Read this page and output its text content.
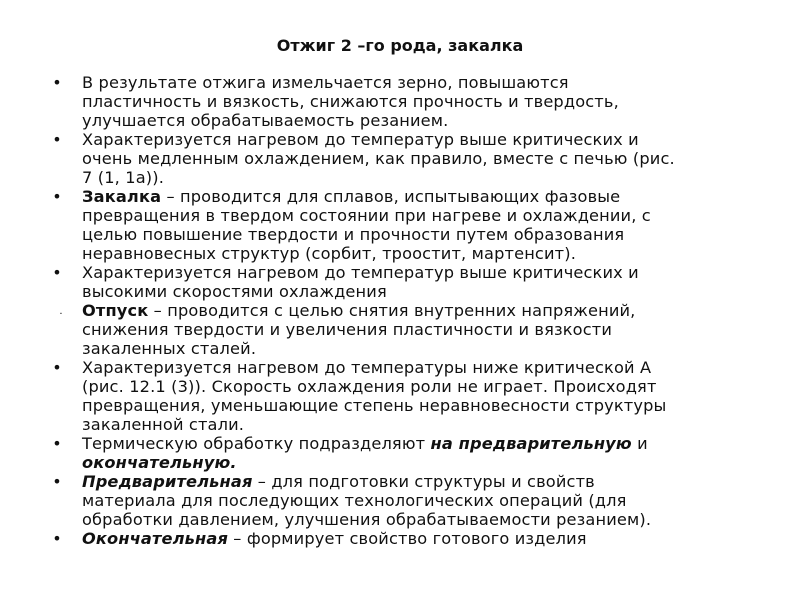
Отжиг 2 –го рода, закалка
• В результате отжига измельчается зерно, повышаются
пластичность и вязкость, снижаются прочность и твердость,
улучшается обрабатываемость резанием.
• Характеризуется нагревом до температур выше критических и
очень медленным охлаждением, как правило, вместе с печью (рис.
7 (1, 1а)).
• Закалка – проводится для сплавов, испытывающих фазовые
превращения в твердом состоянии при нагреве и охлаждении, с
целью повышение твердости и прочности путем образования
неравновесных структур (сорбит, троостит, мартенсит).
• Характеризуется нагревом до температур выше критических и
высокими скоростями охлаждения
.	Отпуск – проводится с целью снятия внутренних напряжений,
снижения твердости и увеличения пластичности и вязкости
закаленных сталей.
• Характеризуется нагревом до температуры ниже критической А
(рис. 12.1 (3)). Скорость охлаждения роли не играет. Происходят
превращения, уменьшающие степень неравновесности структуры
закаленной стали.
• Термическую обработку подразделяют на предварительную и
окончательную.
• Предварительная – для подготовки структуры и свойств
материала для последующих технологических операций (для
обработки давлением, улучшения обрабатываемости резанием).
• Окончательная – формирует свойство готового изделия
